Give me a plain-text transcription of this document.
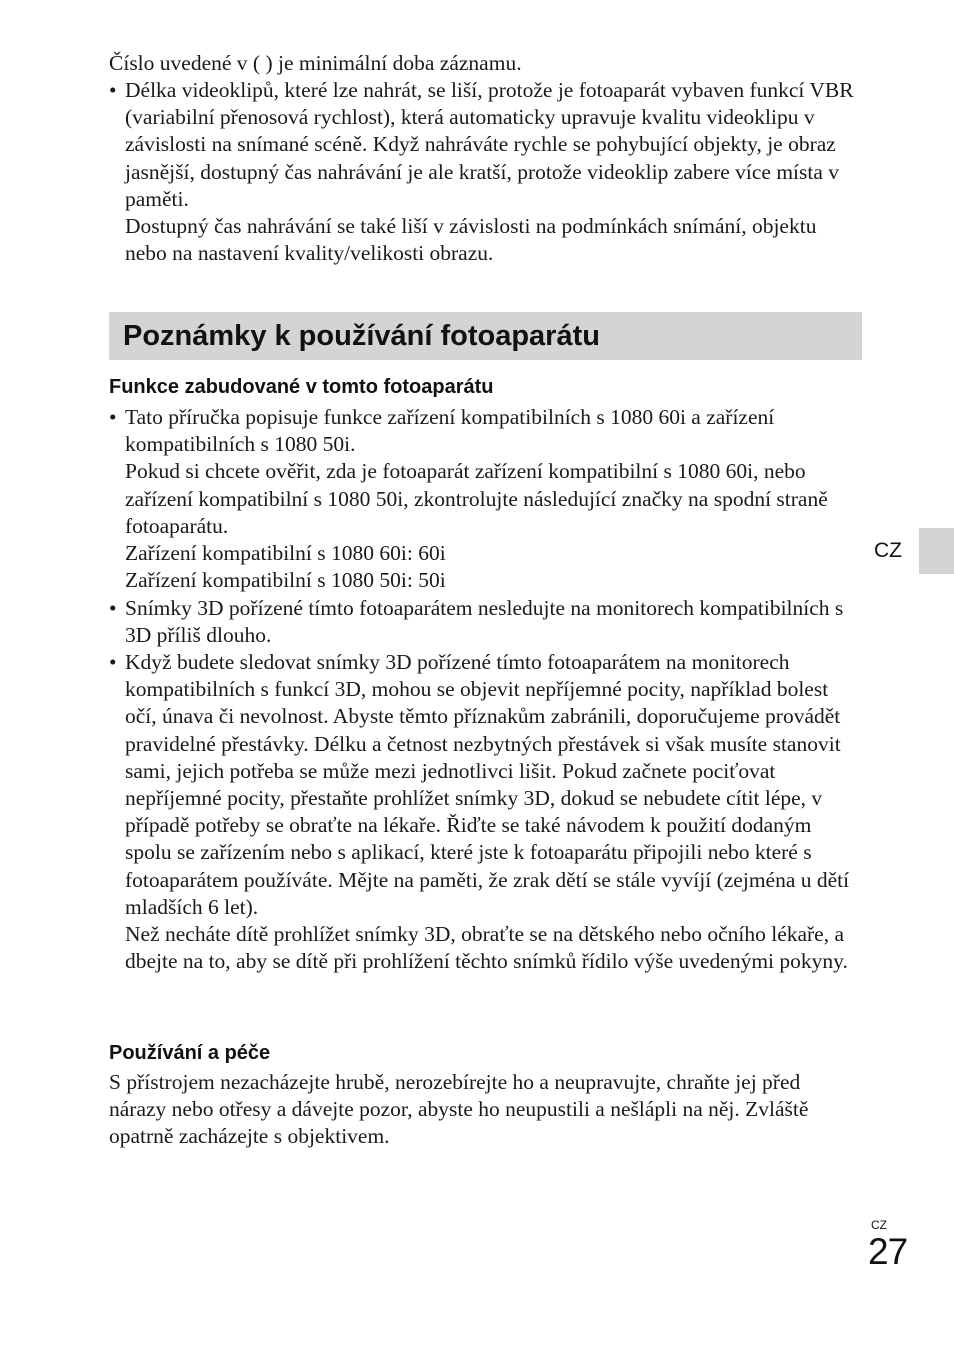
Číslo uvedené v ( ) je minimální doba záznamu.

• Délka videoklipů, které lze nahrát, se liší, protože je fotoaparát vybaven funkcí VBR (variabilní přenosová rychlost), která automaticky upravuje kvalitu videoklipu v závislosti na snímané scéně. Když nahráváte rychle se pohybující objekty, je obraz jasnější, dostupný čas nahrávání je ale kratší, protože videoklip zabere více místa v paměti.

Dostupný čas nahrávání se také liší v závislosti na podmínkách snímání, objektu nebo na nastavení kvality/velikosti obrazu.

Poznámky k používání fotoaparátu
Funkce zabudované v tomto fotoaparátu
• Tato příručka popisuje funkce zařízení kompatibilních s 1080 60i a zařízení kompatibilních s 1080 50i.

Pokud si chcete ověřit, zda je fotoaparát zařízení kompatibilní s 1080 60i, nebo zařízení kompatibilní s 1080 50i, zkontrolujte následující značky na spodní straně fotoaparátu.

Zařízení kompatibilní s 1080 60i: 60i

Zařízení kompatibilní s 1080 50i: 50i

• Snímky 3D pořízené tímto fotoaparátem nesledujte na monitorech kompatibilních s 3D příliš dlouho.

• Když budete sledovat snímky 3D pořízené tímto fotoaparátem na monitorech kompatibilních s funkcí 3D, mohou se objevit nepříjemné pocity, například bolest očí, únava či nevolnost. Abyste těmto příznakům zabránili, doporučujeme provádět pravidelné přestávky. Délku a četnost nezbytných přestávek si však musíte stanovit sami, jejich potřeba se může mezi jednotlivci lišit. Pokud začnete pociťovat nepříjemné pocity, přestaňte prohlížet snímky 3D, dokud se nebudete cítit lépe, v případě potřeby se obraťte na lékaře. Řiďte se také návodem k použití dodaným spolu se zařízením nebo s aplikací, které jste k fotoaparátu připojili nebo které s fotoaparátem používáte. Mějte na paměti, že zrak dětí se stále vyvíjí (zejména u dětí mladších 6 let).

Než necháte dítě prohlížet snímky 3D, obraťte se na dětského nebo očního lékaře, a dbejte na to, aby se dítě při prohlížení těchto snímků řídilo výše uvedenými pokyny.

Používání a péče

S přístrojem nezacházejte hrubě, nerozebírejte ho a neupravujte, chraňte jej před nárazy nebo otřesy a dávejte pozor, abyste ho neupustili a nešlápli na něj. Zvláště opatrně zacházejte s objektivem.

CZ
CZ
27
